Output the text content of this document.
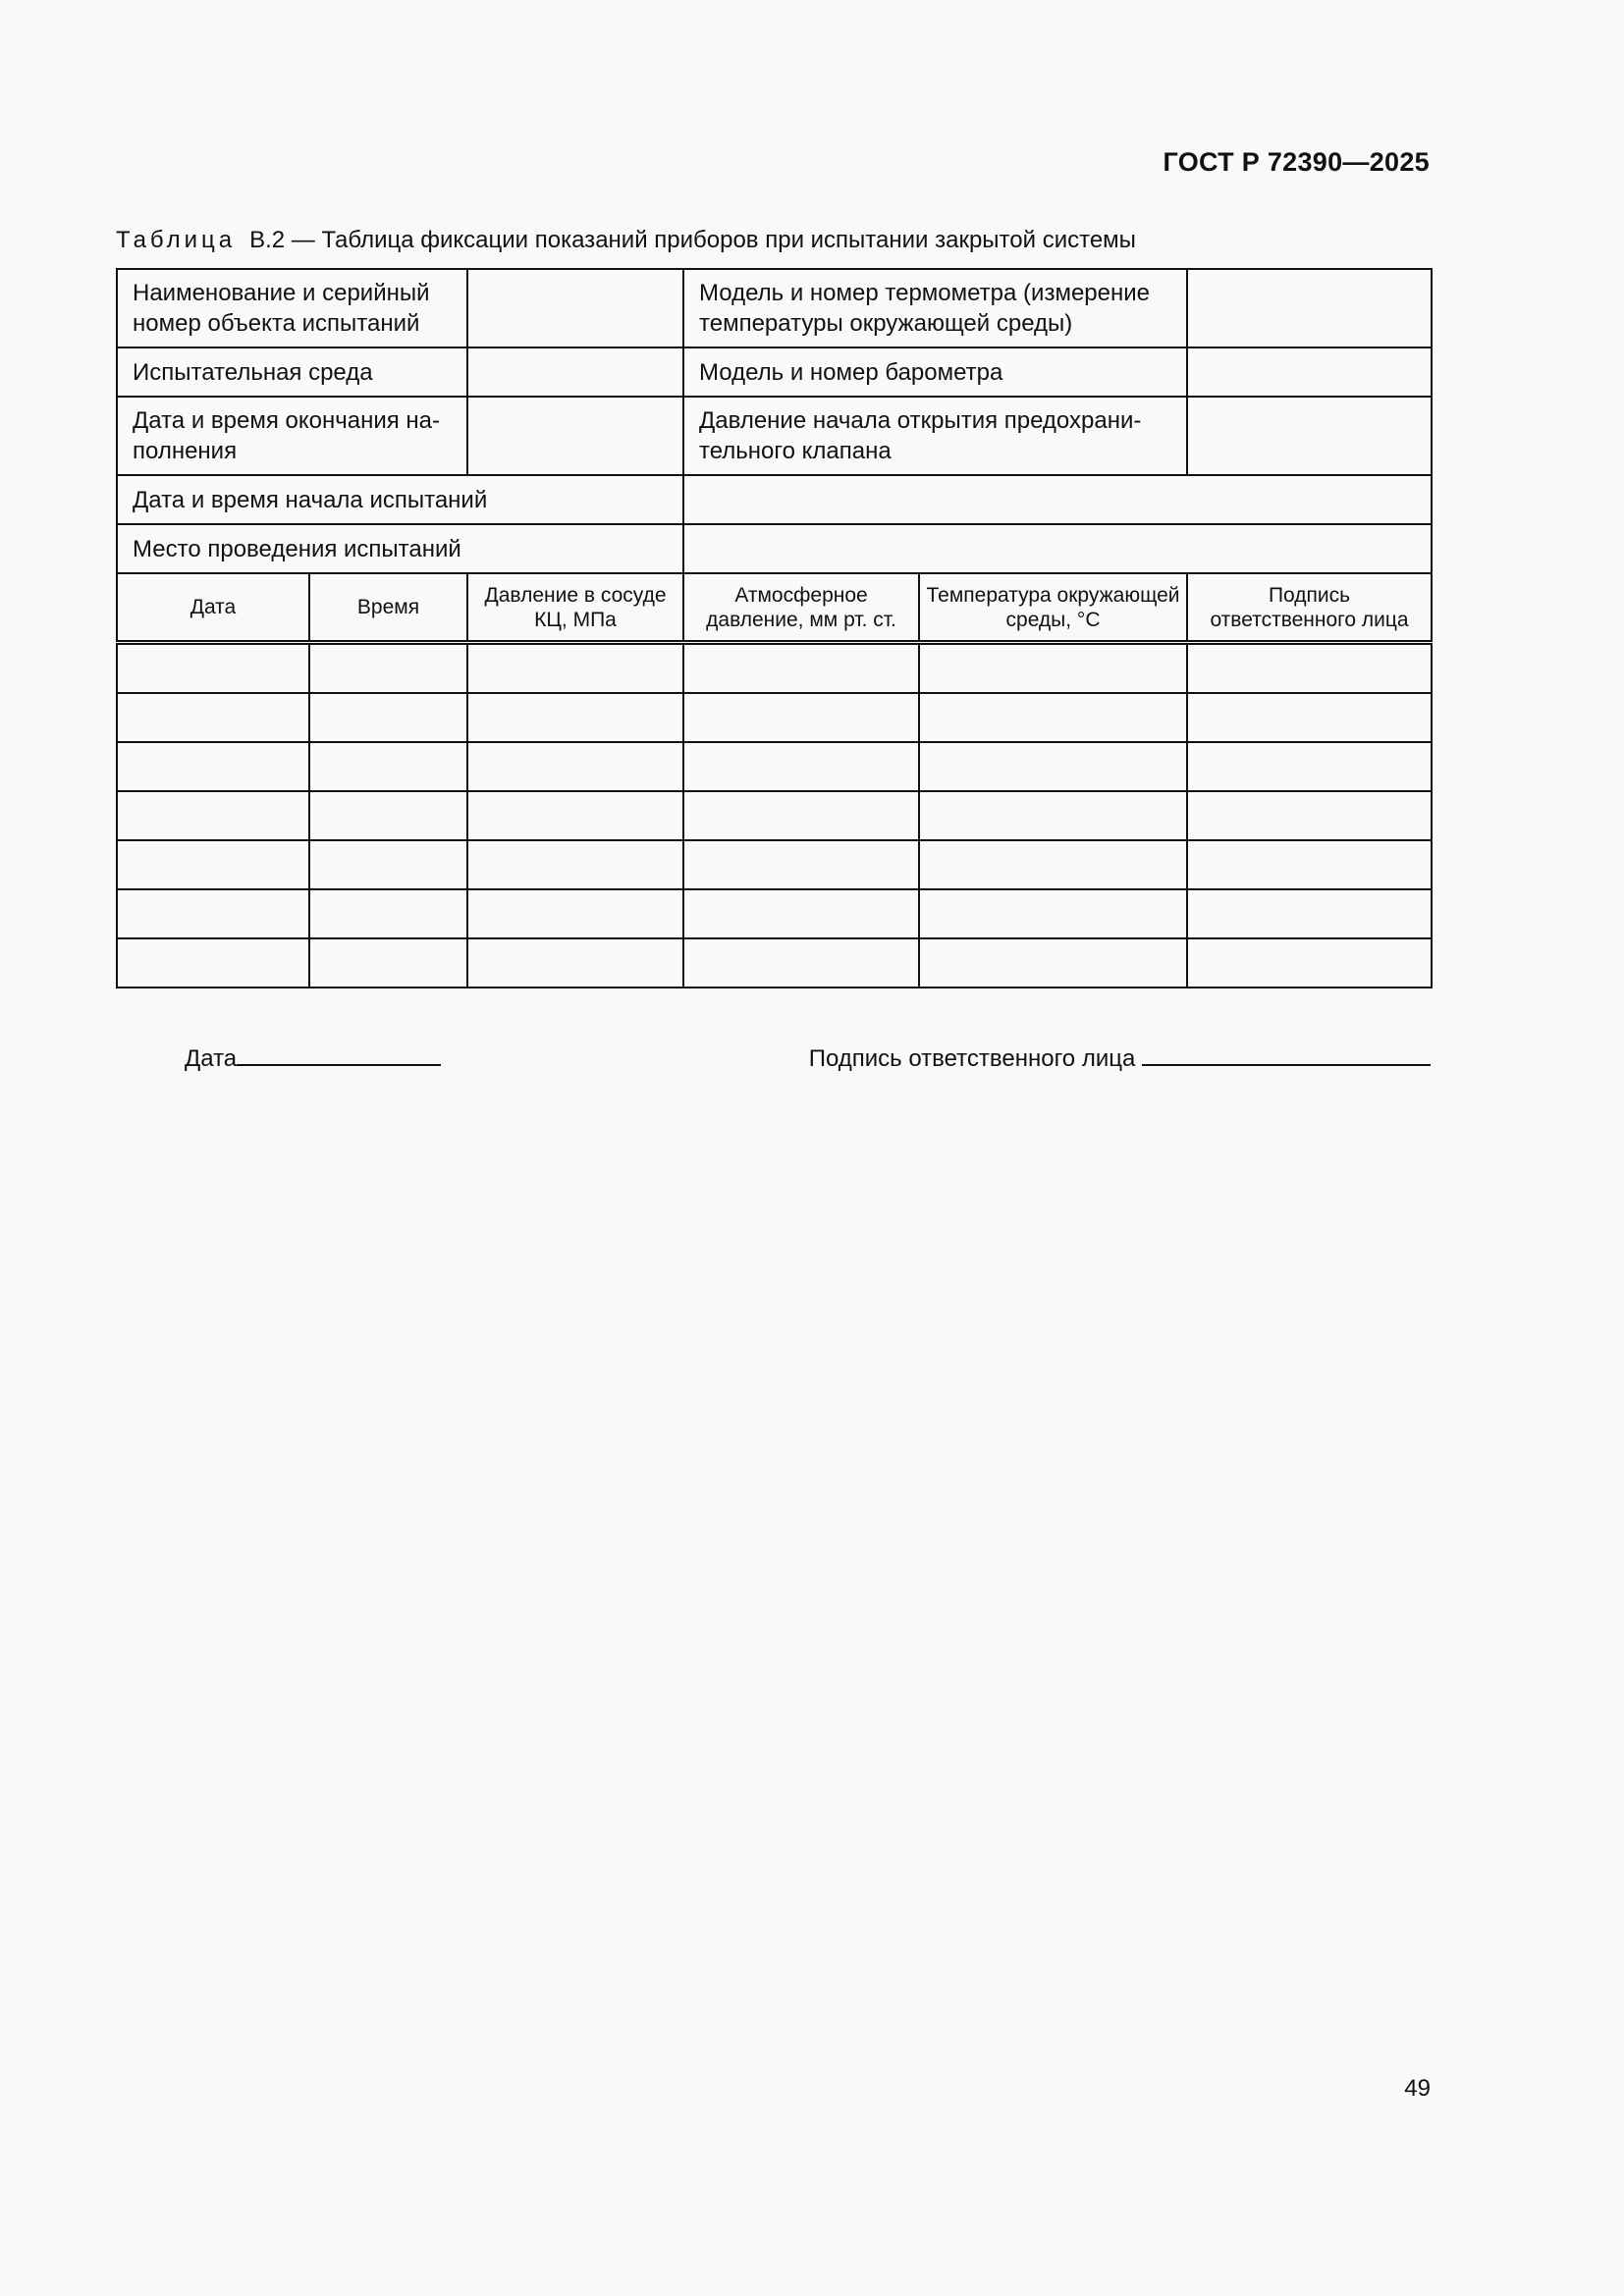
ГОСТ Р 72390—2025
Таблица В.2 — Таблица фиксации показаний приборов при испытании закрытой системы
Наименование и серийный номер объекта испытаний			Модель и номер термометра (измерение температуры окружающей среды)		
Испытательная среда			Модель и номер барометра		
Дата и время окончания на-полнения			Давление начала открытия предохрани-тельного клапана		
Дата и время начала испытаний					
Место проведения испытаний					
Дата	Время	Давление в сосуде КЦ, МПа	Атмосферное давление, мм рт. ст.	Температура окружающей среды, °С	Подпись ответственного лица

Дата	Подпись ответственного лица
49
